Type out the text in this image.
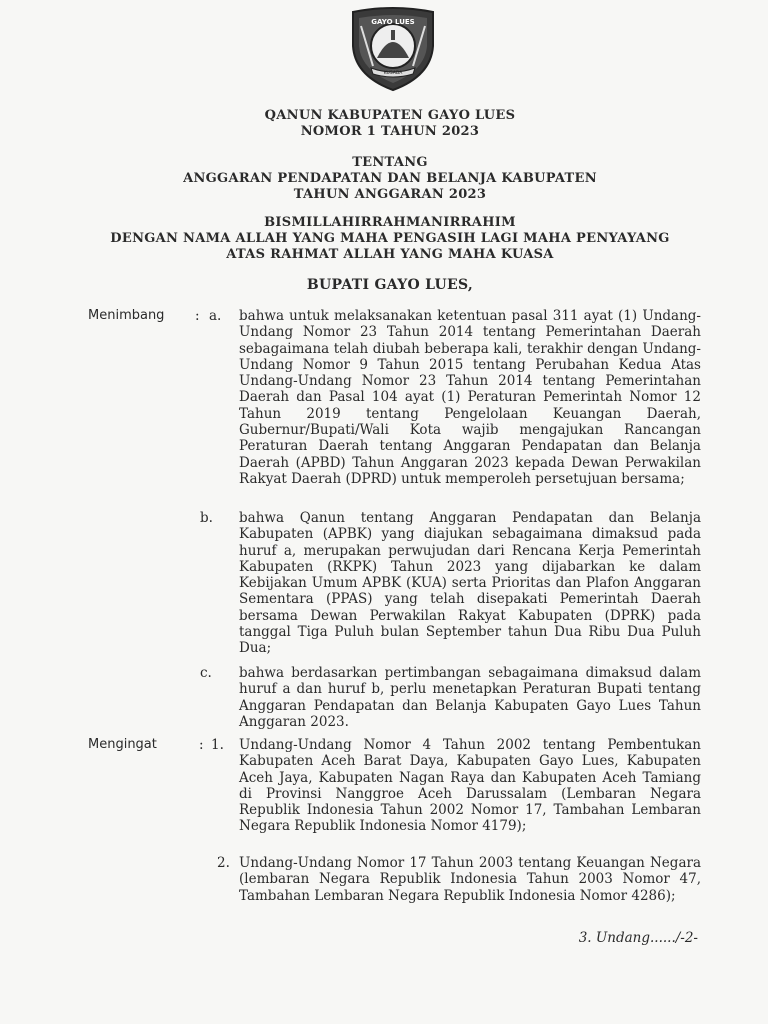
GAYO LUES
KUSADA
QANUN KABUPATEN GAYO LUES
NOMOR 1 TAHUN 2023
TENTANG
ANGGARAN PENDAPATAN DAN BELANJA KABUPATEN
TAHUN ANGGARAN 2023
BISMILLAHIRRAHMANIRRAHIM
DENGAN NAMA ALLAH YANG MAHA PENGASIH LAGI MAHA PENYAYANG
ATAS RAHMAT ALLAH YANG MAHA KUASA
BUPATI GAYO LUES,
Menimbang : a. bahwa untuk melaksanakan ketentuan pasal 311 ayat (1) Undang-Undang Nomor 23 Tahun 2014 tentang Pemerintahan Daerah sebagaimana telah diubah beberapa kali, terakhir dengan Undang-Undang Nomor 9 Tahun 2015 tentang Perubahan Kedua Atas Undang-Undang Nomor 23 Tahun 2014 tentang Pemerintahan Daerah dan Pasal 104 ayat (1) Peraturan Pemerintah Nomor 12 Tahun 2019 tentang Pengelolaan Keuangan Daerah, Gubernur/Bupati/Wali Kota wajib mengajukan Rancangan Peraturan Daerah tentang Anggaran Pendapatan dan Belanja Daerah (APBD) Tahun Anggaran 2023 kepada Dewan Perwakilan Rakyat Daerah (DPRD) untuk memperoleh persetujuan bersama;

b. bahwa Qanun tentang Anggaran Pendapatan dan Belanja Kabupaten (APBK) yang diajukan sebagaimana dimaksud pada huruf a, merupakan perwujudan dari Rencana Kerja Pemerintah Kabupaten (RKPK) Tahun 2023 yang dijabarkan ke dalam Kebijakan Umum APBK (KUA) serta Prioritas dan Plafon Anggaran Sementara (PPAS) yang telah disepakati Pemerintah Daerah bersama Dewan Perwakilan Rakyat Kabupaten (DPRK) pada tanggal Tiga Puluh bulan September tahun Dua Ribu Dua Puluh Dua;

c. bahwa berdasarkan pertimbangan sebagaimana dimaksud dalam huruf a dan huruf b, perlu menetapkan Peraturan Bupati tentang Anggaran Pendapatan dan Belanja Kabupaten Gayo Lues Tahun Anggaran 2023.

Mengingat	: 1. Undang-Undang Nomor 4 Tahun 2002 tentang Pembentukan Kabupaten Aceh Barat Daya, Kabupaten Gayo Lues, Kabupaten Aceh Jaya, Kabupaten Nagan Raya dan Kabupaten Aceh Tamiang di Provinsi Nanggroe Aceh Darussalam (Lembaran Negara Republik Indonesia Tahun 2002 Nomor 17, Tambahan Lembaran Negara Republik Indonesia Nomor 4179);

2. Undang-Undang Nomor 17 Tahun 2003 tentang Keuangan Negara (lembaran Negara Republik Indonesia Tahun 2003 Nomor 47, Tambahan Lembaran Negara Republik Indonesia Nomor 4286);

3. Undang....../-2-
